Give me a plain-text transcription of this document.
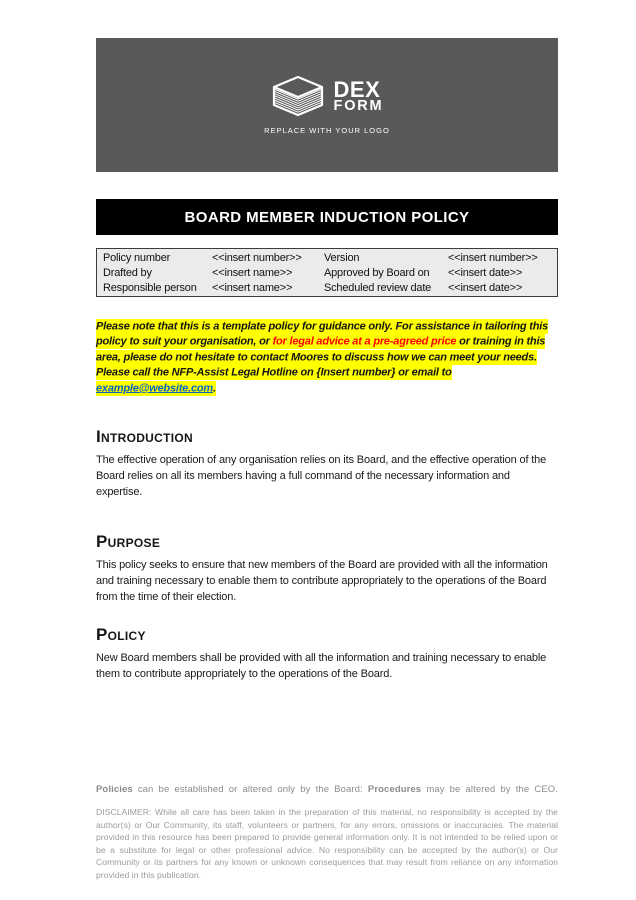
DEX
FORM
REPLACE WITH YOUR LOGO
BOARD MEMBER INDUCTION POLICY
Policy number	<<insert number>>	Version	<<insert number>>
Drafted by	<<insert name>>	Approved by Board on	<<insert date>>
Responsible person	<<insert name>>	Scheduled review date	<<insert date>>

Please note that this is a template policy for guidance only. For assistance in tailoring this policy to suit your organisation, or for legal advice at a pre-agreed price or training in this area, please do not hesitate to contact Moores to discuss how we can meet your needs. Please call the NFP-Assist Legal Hotline on {Insert number} or email to example@website.com.

Introduction

The effective operation of any organisation relies on its Board, and the effective operation of the Board relies on all its members having a full command of the necessary information and expertise.

Purpose

This policy seeks to ensure that new members of the Board are provided with all the information and training necessary to enable them to contribute appropriately to the operations of the Board from the time of their election.

Policy

New Board members shall be provided with all the information and training necessary to enable them to contribute appropriately to the operations of the Board.

Policies can be established or altered only by the Board: Procedures may be altered by the CEO.

DISCLAIMER: While all care has been taken in the preparation of this material, no responsibility is accepted by the author(s) or Our Community, its staff, volunteers or partners, for any errors, omissions or inaccuracies. The material provided in this resource has been prepared to provide general information only. It is not intended to be relied upon or be a substitute for legal or other professional advice. No responsibility can be accepted by the author(s) or Our Community or its partners for any known or unknown consequences that may result from reliance on any information provided in this publication.
